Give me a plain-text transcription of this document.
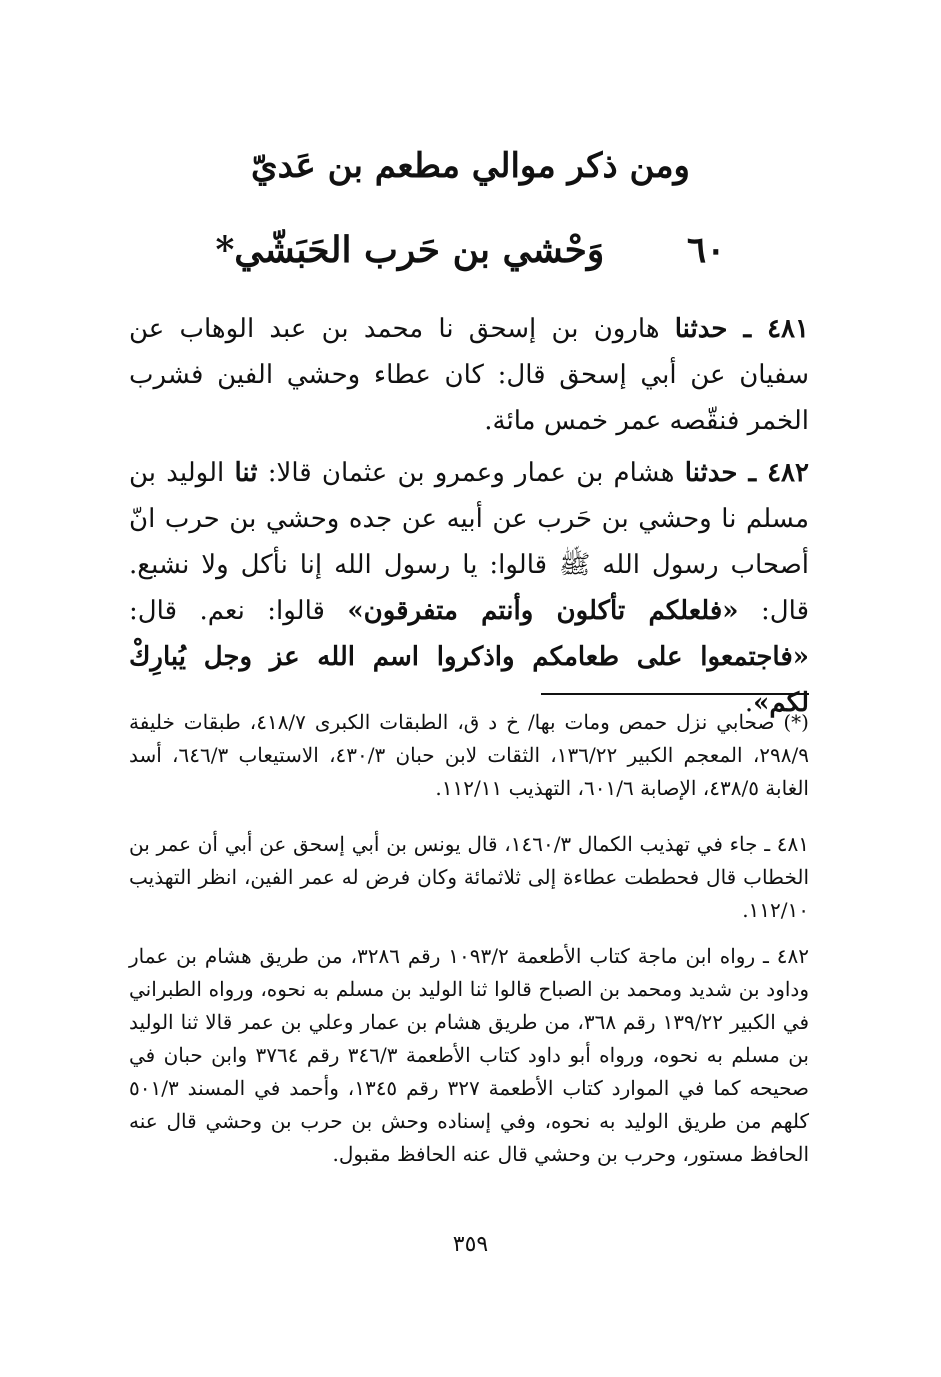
ومن ذكر موالي مطعم بن عَديّ
٦٠ وَحْشي بن حَرب الحَبَشّي*
٤٨١ ـ حدثنا هارون بن إسحق نا محمد بن عبد الوهاب عن سفيان عن أبي إسحق قال: كان عطاء وحشي الفين فشرب الخمر فنقّصه عمر خمس مائة.
٤٨٢ ـ حدثنا هشام بن عمار وعمرو بن عثمان قالا: ثنا الوليد بن مسلم نا وحشي بن حَرب عن أبيه عن جده وحشي بن حرب انّ أصحاب رسول الله ﷺ قالوا: يا رسول الله إنا نأكل ولا نشبع. قال: «فلعلكم تأكلون وأنتم متفرقون» قالوا: نعم. قال: «فاجتمعوا على طعامكم واذكروا اسم الله عز وجل يُبارِكْ لكم».
(*) صحابي نزل حمص ومات بها/ خ د ق، الطبقات الكبرى ٤١٨/٧، طبقات خليفة ٢٩٨/٩، المعجم الكبير ١٣٦/٢٢، الثقات لابن حبان ٤٣٠/٣، الاستيعاب ٦٤٦/٣، أسد الغابة ٤٣٨/٥، الإصابة ٦٠١/٦، التهذيب ١١٢/١١.
٤٨١ ـ جاء في تهذيب الكمال ١٤٦٠/٣، قال يونس بن أبي إسحق عن أبي أن عمر بن الخطاب قال فحططت عطاءة إلى ثلاثمائة وكان فرض له عمر الفين، انظر التهذيب ١١٢/١٠.
٤٨٢ ـ رواه ابن ماجة كتاب الأطعمة ١٠٩٣/٢ رقم ٣٢٨٦، من طريق هشام بن عمار وداود بن شديد ومحمد بن الصباح قالوا ثنا الوليد بن مسلم به نحوه، ورواه الطبراني في الكبير ١٣٩/٢٢ رقم ٣٦٨، من طريق هشام بن عمار وعلي بن عمر قالا ثنا الوليد بن مسلم به نحوه، ورواه أبو داود كتاب الأطعمة ٣٤٦/٣ رقم ٣٧٦٤ وابن حبان في صحيحه كما في الموارد كتاب الأطعمة ٣٢٧ رقم ١٣٤٥، وأحمد في المسند ٥٠١/٣ كلهم من طريق الوليد به نحوه، وفي إسناده وحش بن حرب بن وحشي قال عنه الحافظ مستور، وحرب بن وحشي قال عنه الحافظ مقبول.
٣٥٩
